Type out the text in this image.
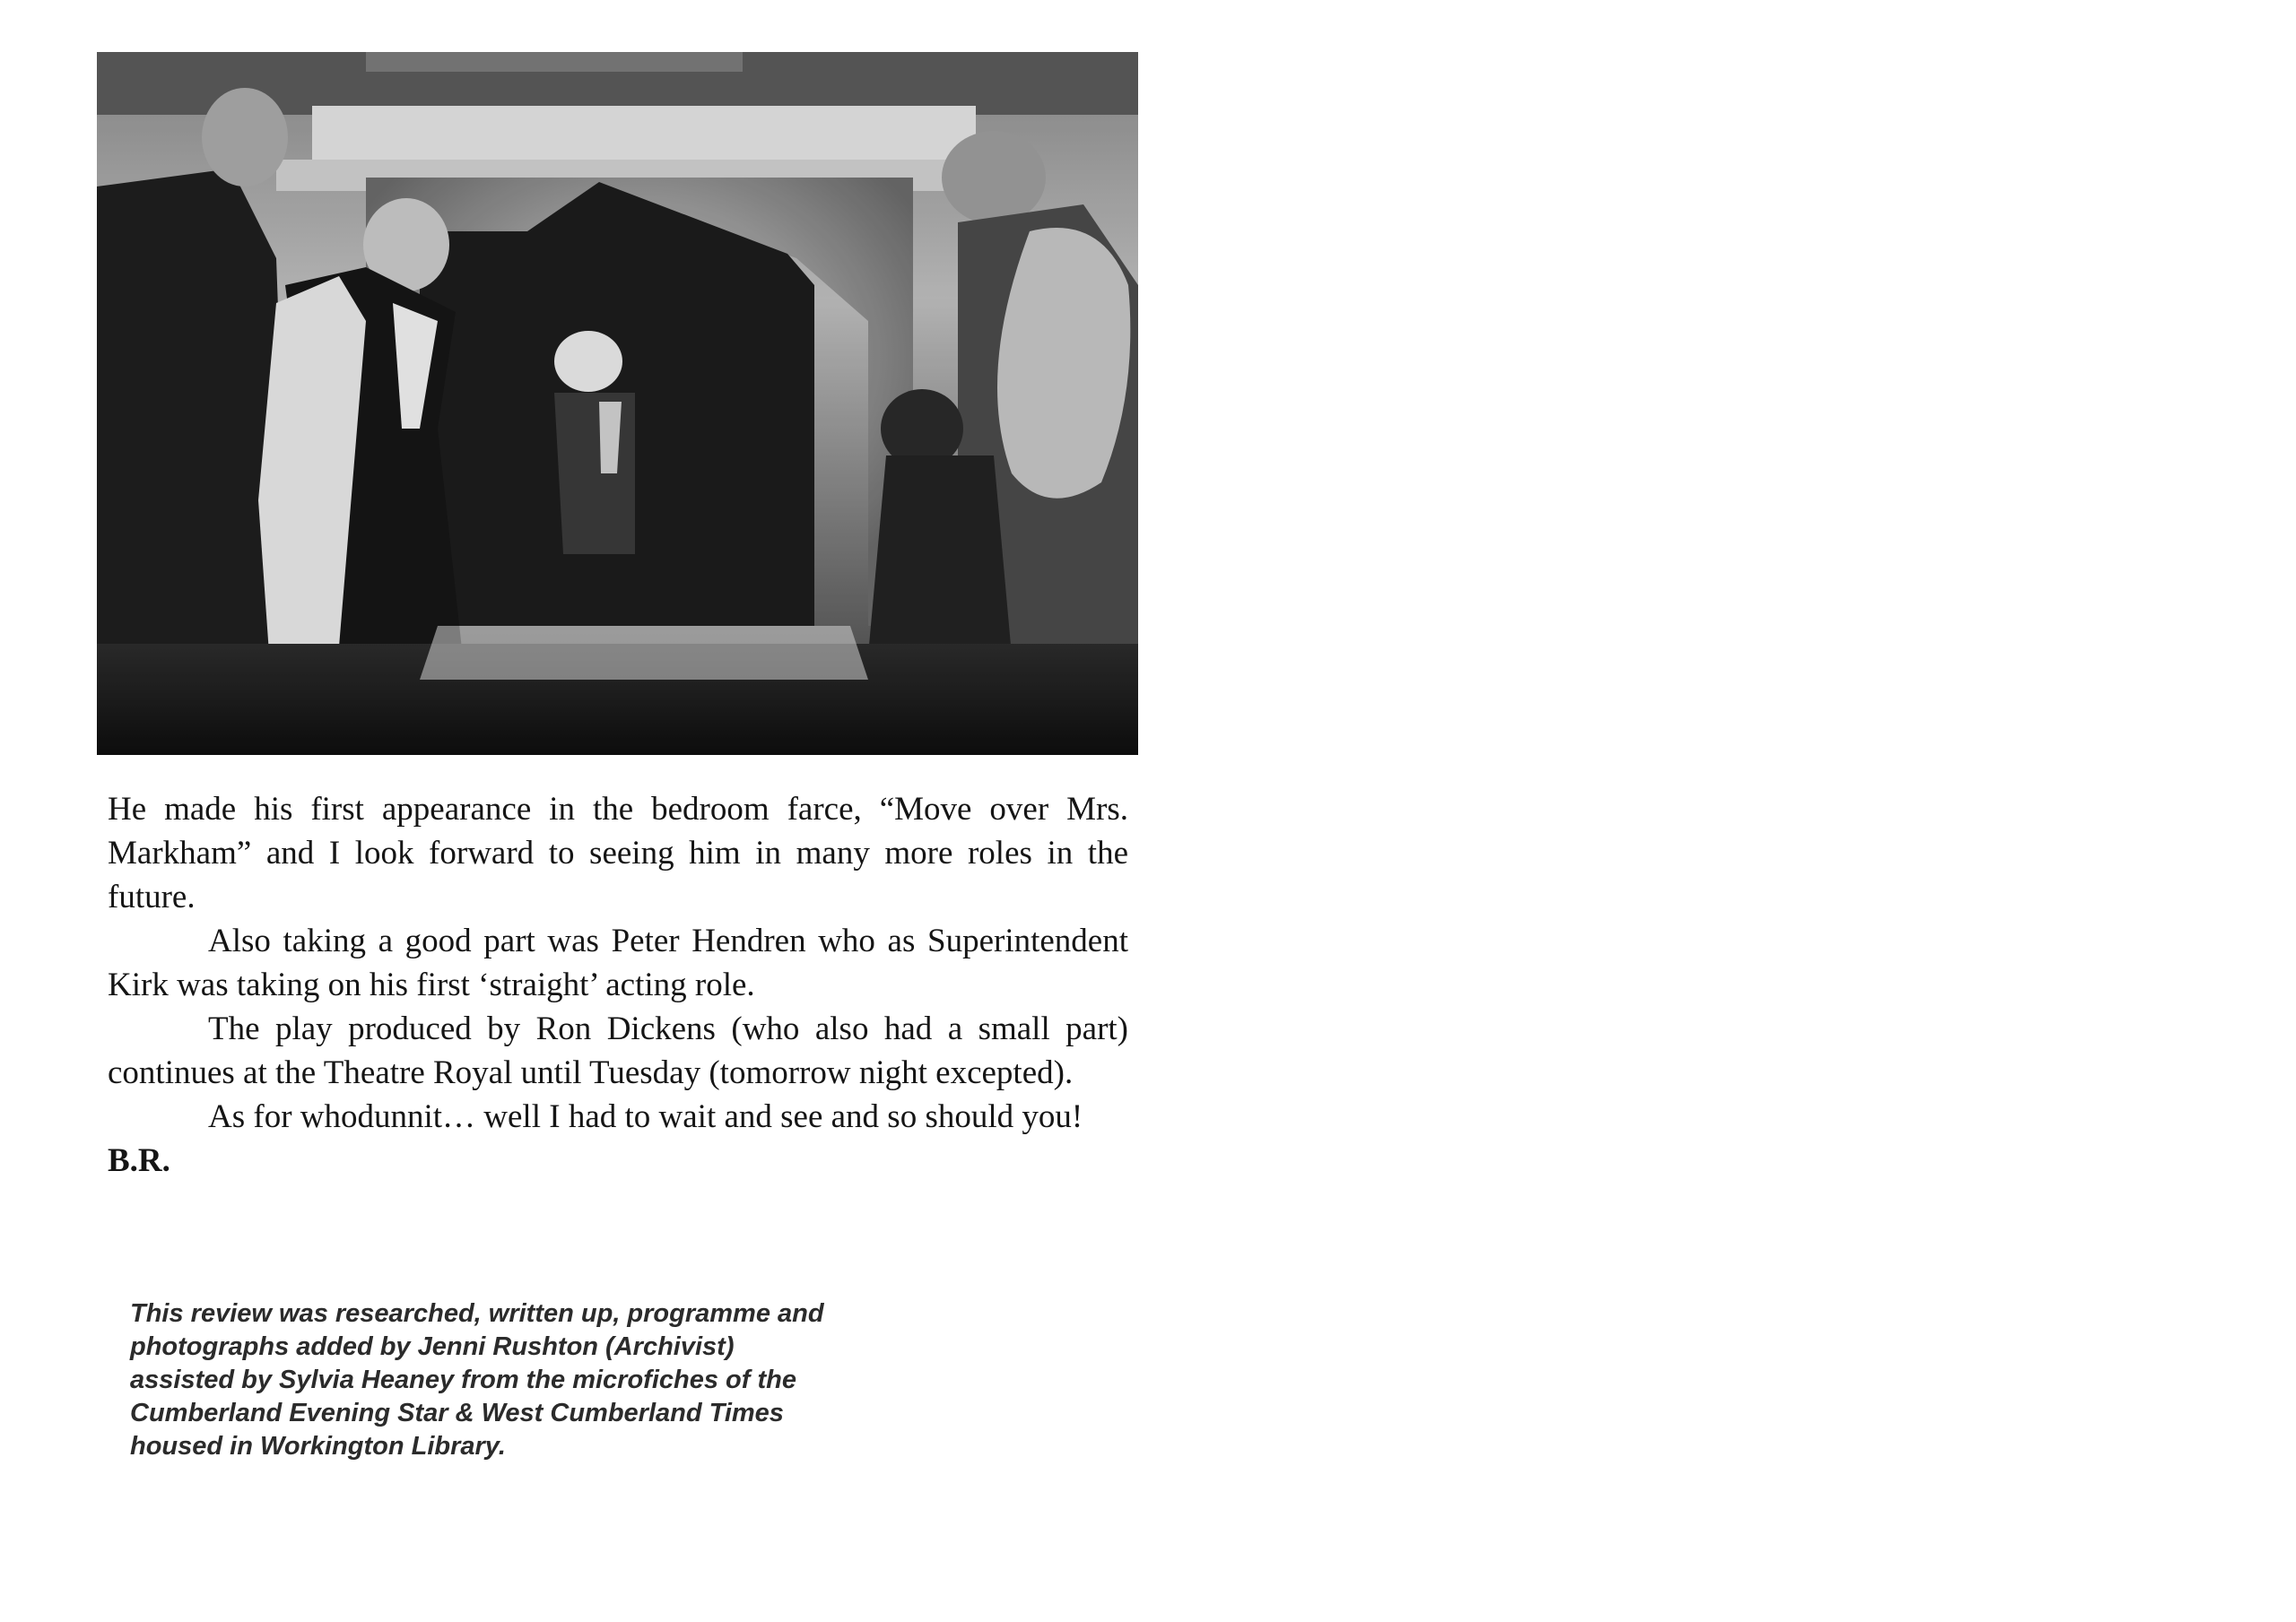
He made his first appearance in the bedroom farce, “Move over Mrs. Markham” and I look forward to seeing him in many more roles in the future.

Also taking a good part was Peter Hendren who as Superintendent Kirk was taking on his first ‘straight’ acting role.

The play produced by Ron Dickens (who also had a small part) continues at the Theatre Royal until Tuesday (tomorrow night excepted).

As for whodunnit… well I had to wait and see and so should you!

B.R.

This review was researched, written up, programme and photographs added by Jenni Rushton (Archivist) assisted by Sylvia Heaney from the microfiches of the Cumberland Evening Star & West Cumberland Times housed in Workington Library.
